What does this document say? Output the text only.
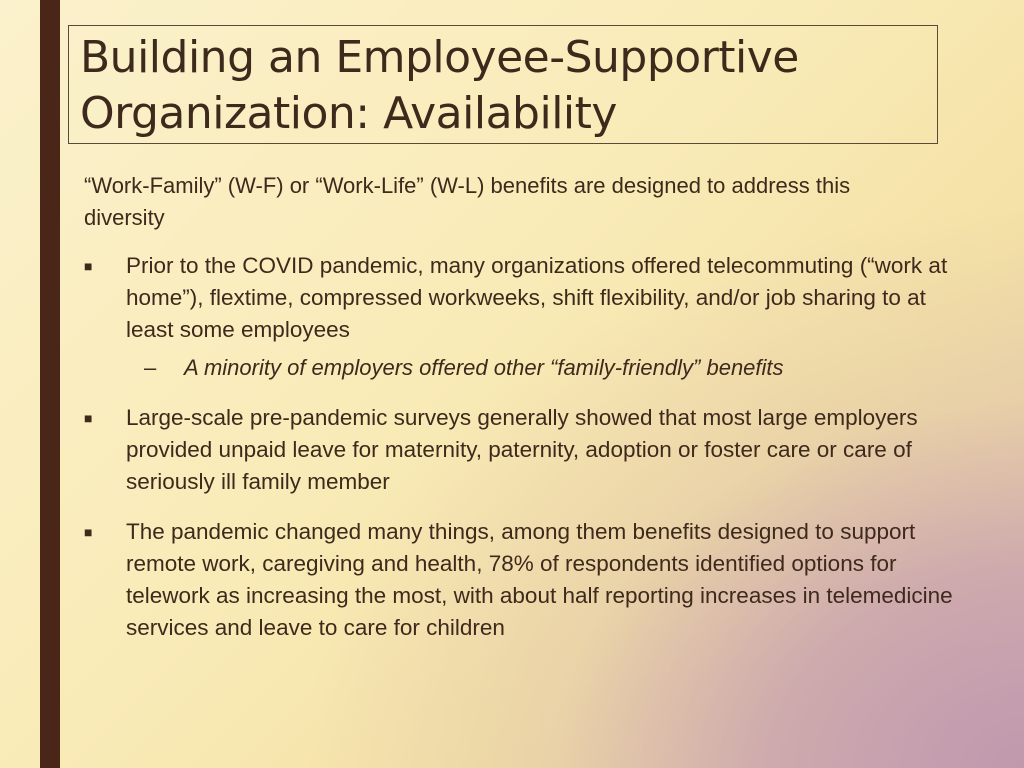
Building an Employee-Supportive
Organization: Availability

“Work-Family” (W-F) or “Work-Life” (W-L) benefits are designed to address this diversity

■	Prior to the COVID pandemic, many organizations offered telecommuting (“work at home”), flextime, compressed workweeks, shift flexibility, and/or job sharing to at least some employees
– A minority of employers offered other “family-friendly” benefits
■	Large-scale pre-pandemic surveys generally showed that most large employers provided unpaid leave for maternity, paternity, adoption or foster care or care of seriously ill family member
■	The pandemic changed many things, among them benefits designed to support remote work, caregiving and health, 78% of respondents identified options for telework as increasing the most, with about half reporting increases in telemedicine services and leave to care for children
